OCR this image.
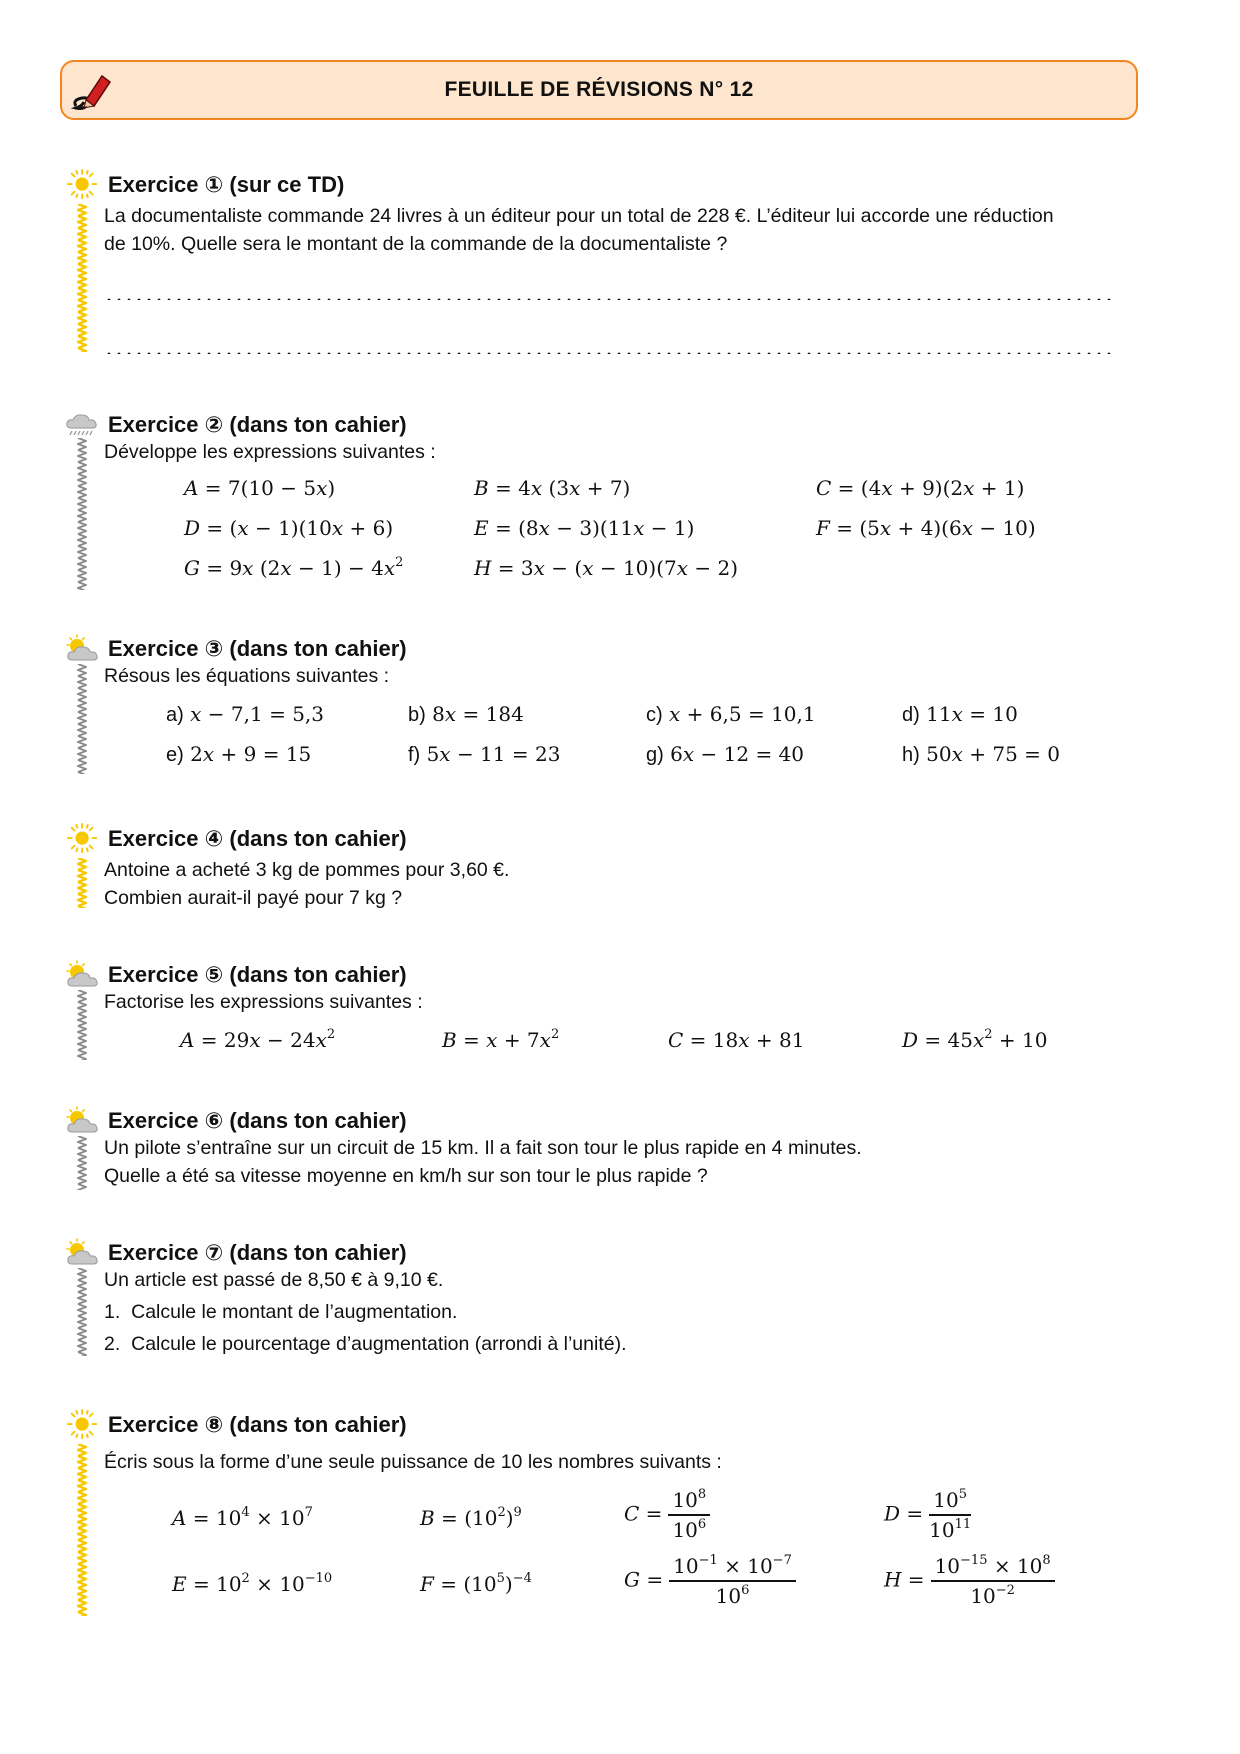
FEUILLE DE RÉVISIONS N° 12
Exercice ① (sur ce TD)
La documentaliste commande 24 livres à un éditeur pour un total de 228 €. L’éditeur lui accorde une réduction
de 10%. Quelle sera le montant de la commande de la documentaliste ?
Exercice ② (dans ton cahier)
Développe les expressions suivantes :
A = 7(10 − 5𝑥)	B = 4𝑥 (3𝑥 + 7)	C = (4𝑥 + 9)(2𝑥 + 1)
D = (𝑥 − 1)(10𝑥 + 6)	E = (8𝑥 − 3)(11𝑥 − 1)	F = (5𝑥 + 4)(6𝑥 − 10)
G = 9𝑥 (2𝑥 − 1) − 4𝑥$^2$	H = 3𝑥 − (𝑥 − 10)(7𝑥 − 2)
Exercice ③ (dans ton cahier)
Résous les équations suivantes :
a) 𝑥 − 7,1 = 5,3	b) 8𝑥 = 184	c) 𝑥 + 6,5 = 10,1	d) 11𝑥 = 10
e) 2𝑥 + 9 = 15	f) 5𝑥 − 11 = 23	g) 6𝑥 − 12 = 40	h) 50𝑥 + 75 = 0
Exercice ④ (dans ton cahier)
Antoine a acheté 3 kg de pommes pour 3,60 €.
Combien aurait-il payé pour 7 kg ?
Exercice ⑤ (dans ton cahier)
Factorise les expressions suivantes :
A = 29𝑥 − 24𝑥$^2$	B = 𝑥 + 7𝑥$^2$	C = 18𝑥 + 81	D = 45𝑥$^2$ + 10
Exercice ⑥ (dans ton cahier)
Un pilote s’entraîne sur un circuit de 15 km. Il a fait son tour le plus rapide en 4 minutes.
Quelle a été sa vitesse moyenne en km/h sur son tour le plus rapide ?
Exercice ⑦ (dans ton cahier)
Un article est passé de 8,50 € à 9,10 €.
1. Calcule le montant de l’augmentation.
2. Calcule le pourcentage d’augmentation (arrondi à l’unité).
Exercice ⑧ (dans ton cahier)
Écris sous la forme d’une seule puissance de 10 les nombres suivants :
$A = 10^4 \times 10^7$	$B = (10^2)^9$	$C = \frac{10^8}{10^6}$	$D = \frac{10^5}{10^{11}}$
$E = 10^2 \times 10^{-10}$	$F = (10^5)^{-4}$	$G = \frac{10^{-1} \times 10^{-7}}{10^6}$	$H = \frac{10^{-15} \times 10^8}{10^{-2}}$
